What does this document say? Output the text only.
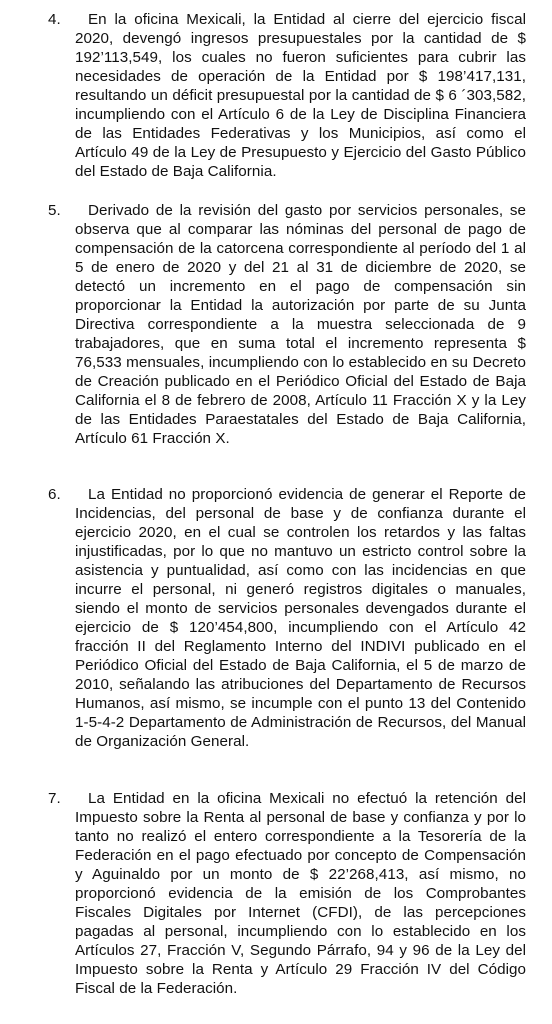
4.	En la oficina Mexicali, la Entidad al cierre del ejercicio fiscal 2020, devengó ingresos presupuestales por la cantidad de $ 192’113,549, los cuales no fueron suficientes para cubrir las necesidades de operación de la Entidad por $ 198’417,131, resultando un déficit presupuestal por la cantidad de $ 6 ´303,582, incumpliendo con el Artículo 6 de la Ley de Disciplina Financiera de las Entidades Federativas y los Municipios, así como el Artículo 49 de la Ley de Presupuesto y Ejercicio del Gasto Público del Estado de Baja California.
5.	Derivado de la revisión del gasto por servicios personales, se observa que al comparar las nóminas del personal de pago de compensación de la catorcena correspondiente al período del 1 al 5 de enero de 2020 y del 21 al 31 de diciembre de 2020, se detectó un incremento en el pago de compensación sin proporcionar la Entidad la autorización por parte de su Junta Directiva correspondiente a la muestra seleccionada de 9 trabajadores, que en suma total el incremento representa $ 76,533 mensuales, incumpliendo con lo establecido en su Decreto de Creación publicado en el Periódico Oficial del Estado de Baja California el 8 de febrero de 2008, Artículo 11 Fracción X y la Ley de las Entidades Paraestatales del Estado de Baja California, Artículo 61 Fracción X.
6.	La Entidad no proporcionó evidencia de generar el Reporte de Incidencias, del personal de base y de confianza durante el ejercicio 2020, en el cual se controlen los retardos y las faltas injustificadas, por lo que no mantuvo un estricto control sobre la asistencia y puntualidad, así como con las incidencias en que incurre el personal, ni generó registros digitales o manuales, siendo el monto de servicios personales devengados durante el ejercicio de $ 120’454,800, incumpliendo con el Artículo 42 fracción II del Reglamento Interno del INDIVI publicado en el Periódico Oficial del Estado de Baja California, el 5 de marzo de 2010, señalando las atribuciones del Departamento de Recursos Humanos, así mismo, se incumple con el punto 13 del Contenido 1-5-4-2 Departamento de Administración de Recursos, del Manual de Organización General.
7.	La Entidad en la oficina Mexicali no efectuó la retención del Impuesto sobre la Renta al personal de base y confianza y por lo tanto no realizó el entero correspondiente a la Tesorería de la Federación en el pago efectuado por concepto de Compensación y Aguinaldo por un monto de $ 22’268,413, así mismo, no proporcionó evidencia de la emisión de los Comprobantes Fiscales Digitales por Internet (CFDI), de las percepciones pagadas al personal, incumpliendo con lo establecido en los Artículos 27, Fracción V, Segundo Párrafo, 94 y 96 de la Ley del Impuesto sobre la Renta y Artículo 29 Fracción IV del Código Fiscal de la Federación.
